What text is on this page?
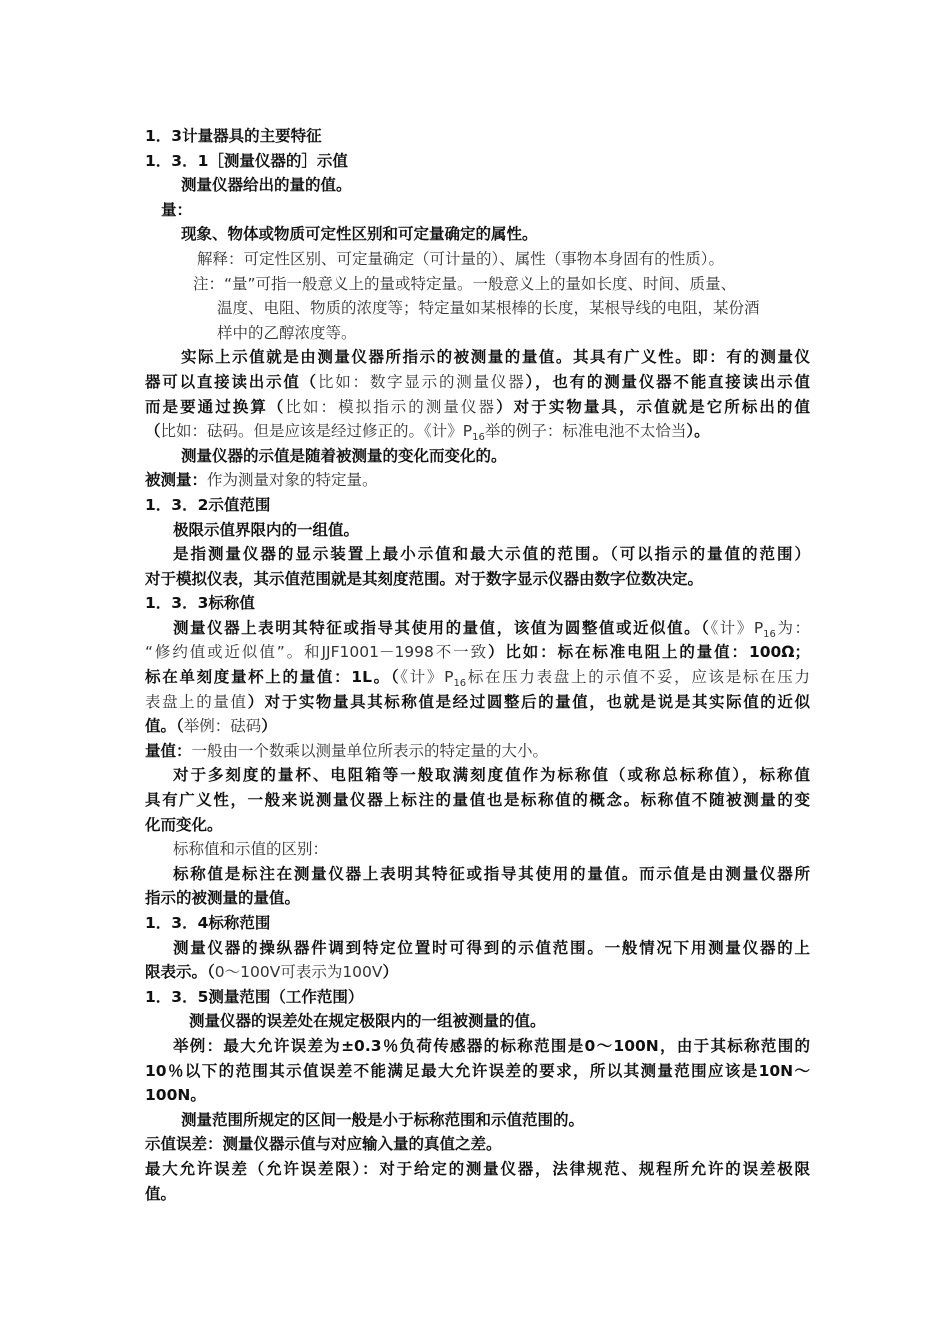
1．3计量器具的主要特征
1．3．1［测量仪器的］示值
测量仪器给出的量的值。
量：
现象、物体或物质可定性区别和可定量确定的属性。
解释：可定性区别、可定量确定（可计量的）、属性（事物本身固有的性质）。
注：“量”可指一般意义上的量或特定量。一般意义上的量如长度、时间、质量、
温度、电阻、物质的浓度等；特定量如某根棒的长度，某根导线的电阻，某份酒
样中的乙醇浓度等。
实际上示值就是由测量仪器所指示的被测量的量值。其具有广义性。即：有的测量仪
器可以直接读出示值（比如：数字显示的测量仪器），也有的测量仪器不能直接读出示值
而是要通过换算（比如：模拟指示的测量仪器）对于实物量具，示值就是它所标出的值
（比如：砝码。但是应该是经过修正的。《计》$P_{16}$举的例子：标准电池不太恰当）。
测量仪器的示值是随着被测量的变化而变化的。
被测量：作为测量对象的特定量。
1．3．2示值范围
极限示值界限内的一组值。
是指测量仪器的显示装置上最小示值和最大示值的范围。（可以指示的量值的范围）
对于模拟仪表，其示值范围就是其刻度范围。对于数字显示仪器由数字位数决定。
1．3．3标称值
测量仪器上表明其特征或指导其使用的量值，该值为圆整值或近似值。（《计》$P_{16}$为：
“修约值或近似值”。和JJF1001－1998不一致）比如：标在标准电阻上的量值：100Ω；
标在单刻度量杯上的量值：1L。（《计》$P_{16}$标在压力表盘上的示值不妥，应该是标在压力
表盘上的量值）对于实物量具其标称值是经过圆整后的量值，也就是说是其实际值的近似
值。（举例：砝码）
量值：一般由一个数乘以测量单位所表示的特定量的大小。
对于多刻度的量杯、电阻箱等一般取满刻度值作为标称值（或称总标称值），标称值
具有广义性，一般来说测量仪器上标注的量值也是标称值的概念。标称值不随被测量的变
化而变化。
标称值和示值的区别：
标称值是标注在测量仪器上表明其特征或指导其使用的量值。而示值是由测量仪器所
指示的被测量的量值。
1．3．4标称范围
测量仪器的操纵器件调到特定位置时可得到的示值范围。一般情况下用测量仪器的上
限表示。（0～100V可表示为100V）
1．3．5测量范围（工作范围）
测量仪器的误差处在规定极限内的一组被测量的值。
举例：最大允许误差为±0.3％负荷传感器的标称范围是0～100N，由于其标称范围的
10％以下的范围其示值误差不能满足最大允许误差的要求，所以其测量范围应该是10N～
100N。
测量范围所规定的区间一般是小于标称范围和示值范围的。
示值误差：测量仪器示值与对应输入量的真值之差。
最大允许误差（允许误差限）：对于给定的测量仪器，法律规范、规程所允许的误差极限
值。
